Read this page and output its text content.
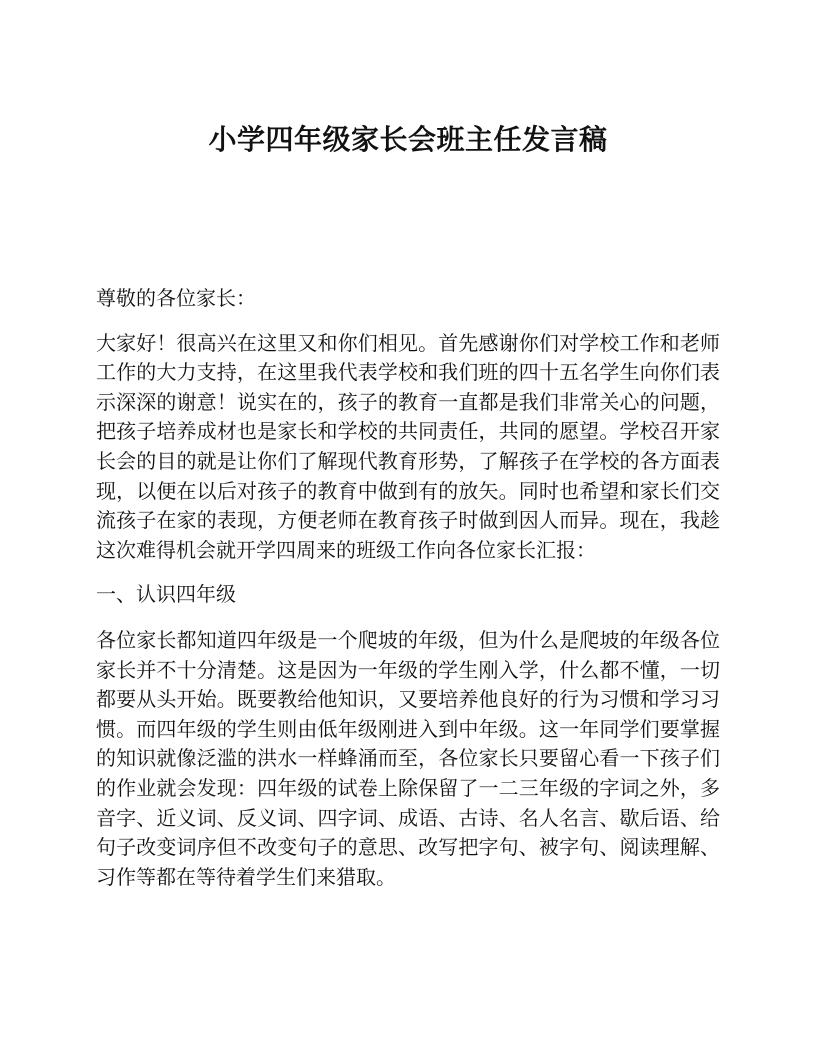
小学四年级家长会班主任发言稿

尊敬的各位家长：

大家好！很高兴在这里又和你们相见。首先感谢你们对学校工作和老师工作的大力支持，在这里我代表学校和我们班的四十五名学生向你们表示深深的谢意！说实在的，孩子的教育一直都是我们非常关心的问题，把孩子培养成材也是家长和学校的共同责任，共同的愿望。学校召开家长会的目的就是让你们了解现代教育形势，了解孩子在学校的各方面表现，以便在以后对孩子的教育中做到有的放矢。同时也希望和家长们交流孩子在家的表现，方便老师在教育孩子时做到因人而异。现在，我趁这次难得机会就开学四周来的班级工作向各位家长汇报：

一、认识四年级

各位家长都知道四年级是一个爬坡的年级，但为什么是爬坡的年级各位家长并不十分清楚。这是因为一年级的学生刚入学，什么都不懂，一切都要从头开始。既要教给他知识，又要培养他良好的行为习惯和学习习惯。而四年级的学生则由低年级刚进入到中年级。这一年同学们要掌握的知识就像泛滥的洪水一样蜂涌而至，各位家长只要留心看一下孩子们的作业就会发现：四年级的试卷上除保留了一二三年级的字词之外，多音字、近义词、反义词、四字词、成语、古诗、名人名言、歇后语、给句子改变词序但不改变句子的意思、改写把字句、被字句、阅读理解、习作等都在等待着学生们来猎取。
